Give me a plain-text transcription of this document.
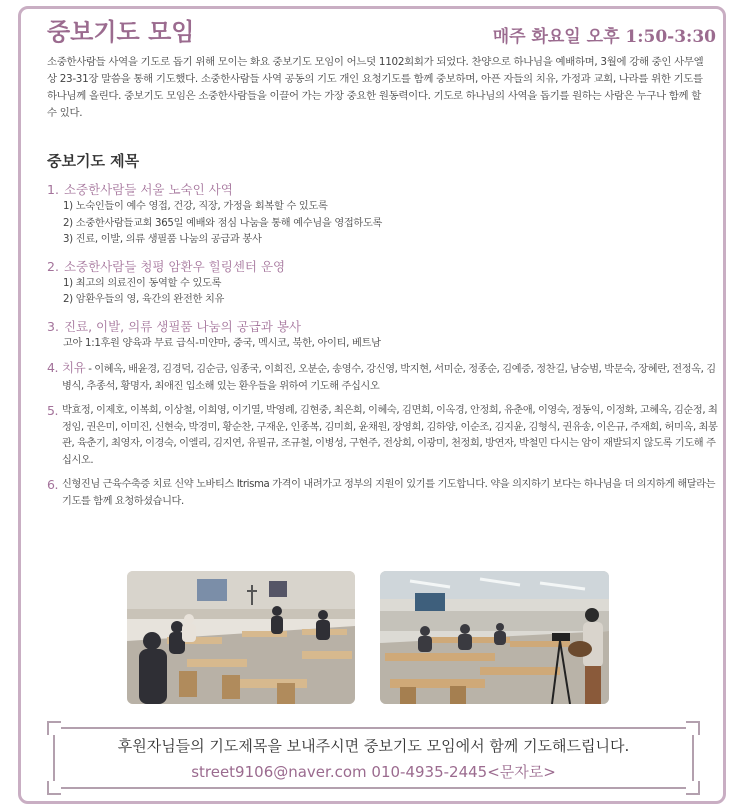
중보기도 모임	매주 화요일 오후 1:50-3:30
소중한사람들 사역을 기도로 돕기 위해 모이는 화요 중보기도 모임이 어느덧 1102회회가 되었다. 찬양으로 하나님을 예배하며, 3월에 강해 중인 사무엘상 23-31장 말씀을 통해 기도했다. 소중한사람들 사역 공동의 기도 개인 요청기도를 함께 중보하며, 아픈 자들의 치유, 가정과 교회, 나라를 위한 기도를 하나님께 올린다. 중보기도 모임은 소중한사람들을 이끌어 가는 가장 중요한 원동력이다. 기도로 하나님의 사역을 돕기를 원하는 사람은 누구나 함께 할 수 있다.
중보기도 제목
1. 소중한사람들 서울 노숙인 사역
1) 노숙인들이 예수 영접, 건강, 직장, 가정을 회복할 수 있도록
2) 소중한사람들교회 365일 예배와 점심 나눔을 통해 예수님을 영접하도록
3) 진료, 이발, 의류 생필품 나눔의 공급과 봉사
2. 소중한사람들 청평 암환우 힐링센터 운영
1) 최고의 의료진이 동역할 수 있도록
2) 암환우들의 영, 육간의 완전한 치유
3. 진료, 이발, 의류 생필품 나눔의 공급과 봉사
고아 1:1후원 양육과 무료 급식-미얀마, 중국, 멕시코, 북한, 아이티, 베트남
4. 치유 - 이혜옥, 배윤경, 김경덕, 김순금, 임종국, 이희진, 오분순, 송영수, 강신영, 박지현, 서미순, 정종순, 김예증, 정찬길, 남승범, 박문숙, 장혜란, 전정옥, 김병식, 추종석, 황명자, 최애진 입소해 있는 환우들을 위하여 기도해 주십시오
5. 박효정, 이제호, 이복희, 이상철, 이희영, 이기열, 박영례, 김현중, 최은희, 이혜숙, 김면희, 이옥경, 안정희, 유춘애, 이영숙, 정동익, 이정화, 고혜옥, 김순정, 최정임, 권은미, 이미진, 신현숙, 박경미, 황순찬, 구재운, 인종복, 김미희, 윤채원, 장영희, 김하양, 이순조, 김지윤, 김형식, 권유송, 이은규, 주재희, 허미옥, 최봉관, 육춘기, 최영자, 이경숙, 이엘리, 김지연, 유필규, 조규철, 이병성, 구현주, 전상희, 이광미, 천정희, 방연자, 박철민 다시는 암이 재발되지 않도록 기도해 주십시오.
6. 신형진님 근육수축증 치료 신약 노바티스 Itrisma 가격이 내려가고 정부의 지원이 있기를 기도합니다. 약을 의지하기 보다는 하나님을 더 의지하게 해달라는 기도를 함께 요청하셨습니다.
후원자님들의 기도제목을 보내주시면 중보기도 모임에서 함께 기도해드립니다.
street9106@naver.com 010-4935-2445<문자로>
